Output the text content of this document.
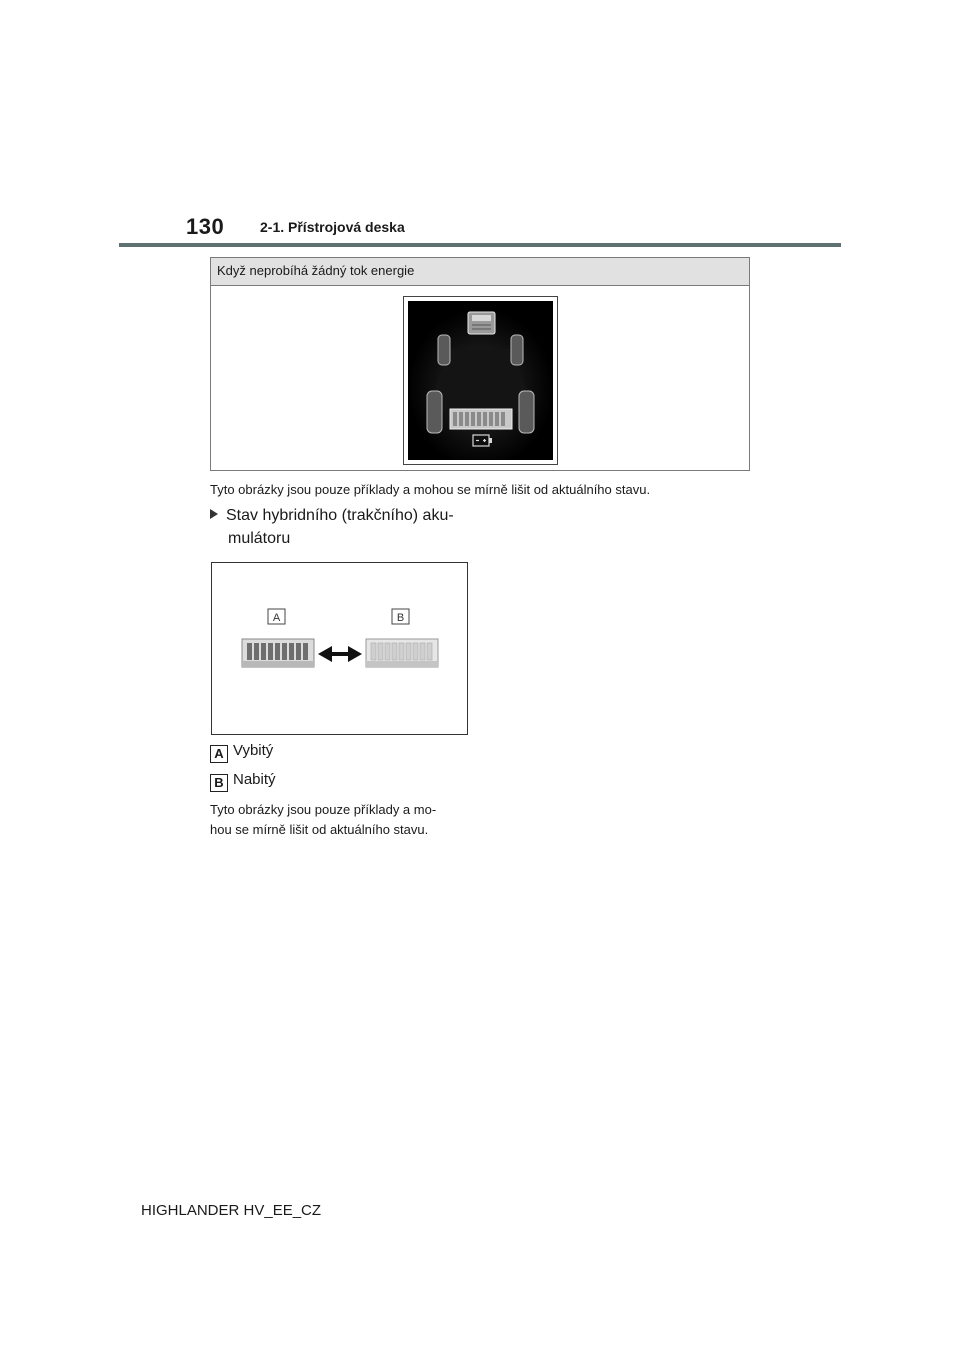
130	2-1. Přístrojová deska
Když neprobíhá žádný tok energie
Tyto obrázky jsou pouze příklady a mohou se mírně lišit od aktuálního stavu.
Stav hybridního (trakčního) aku-
mulátoru
A	B
A Vybitý
B Nabitý
Tyto obrázky jsou pouze příklady a mo-
hou se mírně lišit od aktuálního stavu.
HIGHLANDER HV_EE_CZ
